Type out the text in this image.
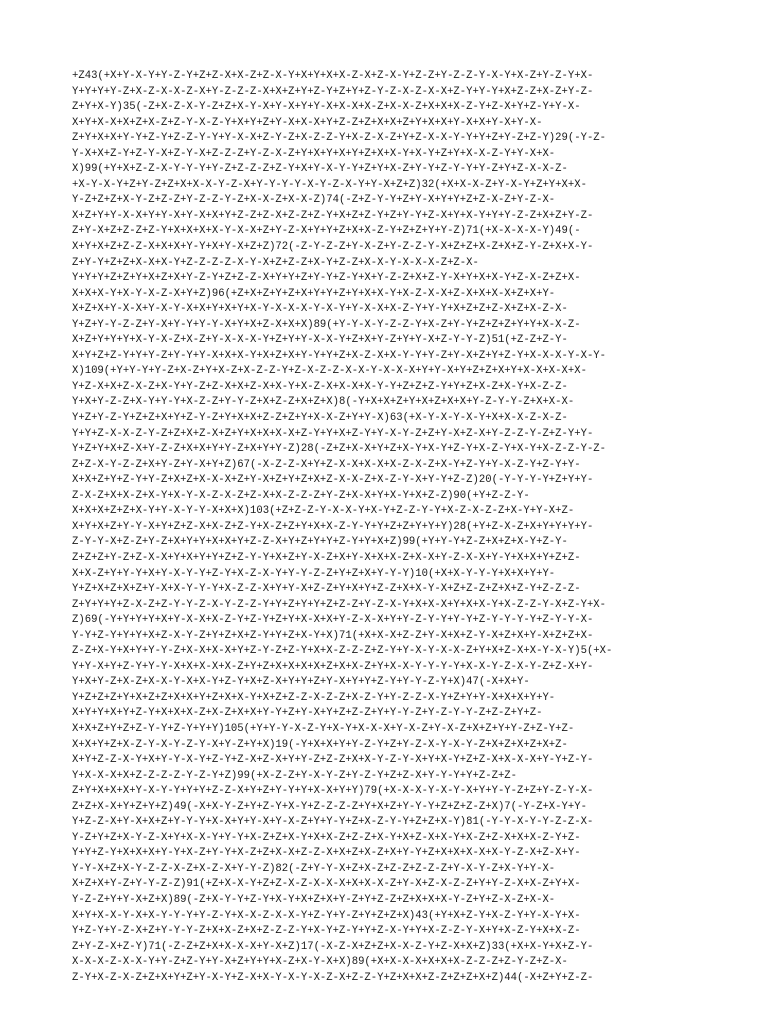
+Z43(+X+Y-X-Y+Y-Z-Y+Z+Z-X+X-Z+Z-X-Y+X+Y+X+X-Z-X+Z-X-Y+Z-Z+Y-Z-Z-Y-X-Y+X-Z+Y-Z-Y+X-
Y+Y+Y+Y-Z+X-Z-X-X-Z-X+Y-Z-Z-Z-X+X+Z+Y+Z-Y+Z+Y+Z-Y-Z-X-Z-X-X+Z-Y+Y-Y+X+Z-Z+X-Z+Y-Z-
Z+Y+X-Y)35(-Z+X-Z-X-Y-Z+Z+X-Y-X+Y-X+Y+Y-X+X-X+X-Z+X-X-Z+X+X+X-Z-Y+Z-X+Y+Z-Y+Y-X-
X+Y+X-X+X+Z+X-Z+Z-Y-X-Z-Y+X+Y+Z+Y-X+X-X+Y+Z-Z+Z+X+X+Z+Y+X+X+Y-X+X+Y-X+Y-X-
Z+Y+X+X+Y-Y+Z-Y+Z-Z-Y-Y+Y-X-X+Z-Y-Z+X-Z-Z-Y+X-Z-X-Z+Y+Z-X-X-Y-Y+Y+Z+Y-Z+Z-Y)29(-Y-Z-
Y-X+X+Z-Y+Z-Y-X+Z-Y-X+Z-Z-Z+Y-Z-X-Z+Y+X+Y+X+Y+Z+X+X-Y+X-Y+Z+Y+X-X-Z-Y+Y-X+X-
X)99(+Y+X+Z-Z-X-Y-Y-Y+Y-Z+Z-Z-Z+Z-Y+X+Y-X-Y-Y+Z+Y+X-Z+Y-Y+Z-Y-Y+Y-Z+Y+Z-X-X-Z-
+X-Y-X-Y+Z+Y-Z+Z+X+X-X-Y-Z-X+Y-Y-Y-Y-X-Y-Z-X-Y+Y-X+Z+Z)32(+X+X-X-Z+Y-X-Y+Z+Y+X+X-
Y-Z+Z+Z+X-Y-Z+Z-Z+Y-Z-Z-Y-Z+X-X-Z+X-X-Z)74(-Z+Z-Y-Y+Z+Y-X+Y+Y+Z+Z-X-Z+Y-Z-X-
X+Z+Y+Y-X-X+Y+Y-X+Y-X+X+Y+Z-Z+Z-X+Z-Z+Z-Y+X+Z+Z-Y+Z+Y-Y+Z-X+Y+X-Y+Y+Y-Z-Z+X+Z+Y-Z-
Z+Y-X+Z+Z-Z+Z-Y+X+X+X+X-Y-X-X+Z+Y-Z-X+Y+Y+Z+X+X-Z-Y+Z+Z+Y+Y-Z)71(+X-X-X-X-Y)49(-
X+Y+X+Z+Z-Z-X+X+X+Y-Y+X+Y-X+Z+Z)72(-Z-Y-Z-Z+Y-X-Z+Y-Z-Z-Y-X+Z+Z+X-Z+X+Z-Y-Z+X+X-Y-
Z+Y-Y+Z+Z+X-X+X-Y+Z-Z-Z-Z-X-Y-X+Z+Z-Z+X-Y+Z-Z+X-X-Y-X-X-X-Z+Z-X-
Y+Y+Y+Z+Z+Y+X+Z+X+Y-Z-Y+Z+Z-Z-X+Y+Y+Z+Y-Y+Z-Y+X+Y-Z-Z+X+Z-Y-X+Y+X+X-Y+Z-X-Z+Z+X-
X+X+X-Y+X-Y-X-Z-X+Y+Z)96(+Z+X+Z+Y+Z+X+Y+Y+Z+Y+X+X-Y+X-Z-X-X+Z-X+X+X-X+Z+X+Y-
X+Z+X+Y-X-X+Y-X-Y-X+X+Y+X+Y+X-Y-X-X-X-Y-X-Y+Y-X-X+X-Z-Y+Y-Y+X+Z+Z+Z-X+Z+X-Z-X-
Y+Z+Y-Y-Z-Z+Y-X+Y-Y+Y-Y-X+Y+X+Z-X+X+X)89(+Y-Y-X-Y-Z-Z-Y+X-Z+Y-Y+Z+Z+Z+Y+Y+X-X-Z-
X+Z+Y+Y+Y+X-Y-X-Z+X-Z+Y-X-X-X-Y+Z+Y+Y-X-X-Y+Z+X+Y-Z+Y+Y-X+Z-Y-Y-Z)51(+Z-Z+Z-Y-
X+Y+Z+Z-Y+Y+Y-Z+Y-Y+Y-X+X+X-Y+X+Z+X+Y-Y+Y+Z+X-Z-X+X-Y-Y+Y-Z+Y-X+Z+Y+Z-Y+X-X-X-Y-X-Y-
X)109(+Y+Y-Y+Y-Z+X-Z+Y+X-Z+X-Z-Z-Y+Z-X-Z-Z-X-X-Y-X-X-X+Y+Y-X+Y+Z+Z+X+Y+X-X+X-X+X-
Y+Z-X+X+Z-X-Z+X-Y+Y-Z+Z-X+X+Z-X+X-Y+X-Z-X+X-X+X-Y-Y+Z+Z+Z-Y+Y+Z+X-Z+X-Y+X-Z-Z-
Y+X+Y-Z-Z+X-Y+Y-Y+X-Z-Z+Y-Y-Z+X+Z-Z+X+Z+X)8(-Y+X+X+Z+Y+X+Z+X+X+Y-Z-Y-Y-Z+X+X-X-
Y+Z+Y-Z-Y+Z+Z+X+Y+Z-Y-Z+Y+X+X+Z-Z+Z+Y+X-X-Z+Y+Y-X)63(+X-Y-X-Y-X-Y+X+X-X-Z-X-Z-
Y+Y+Z-X-X-Z-Y-Z+Z+X+Z-X+Z+Y+X+X+X-X+Z-Y+Y+X+Z-Y+Y-X-Y-Z+Z+Y-X+Z-X+Y-Z-Z-Y-Z+Z-Y+Y-
Y+Z+Y+X+Z-X+Y-Z-Z+X+X+Y+Y-Z+X+Y+Y-Z)28(-Z+Z+X-X+Y+Z+X-Y+X-Y+Z-Y+X-Z-Y+X-Y+X-Z-Z-Y-Z-
Z+Z-X-Y-Z-Z+X+Y-Z+Y-X+Y+Z)67(-X-Z-Z-X+Y+Z-X-X+X-X+X-Z-X-Z+X-Y+Z-Y+Y-X-Z-Y+Z-Y+Y-
X+X+Z+Y+Z-Y+Y-Z+X+Z+X-X-X+Z+Y-X+Z+Y+Z+X+Z-X-X-Z+X-Z-Y-X+Y-Y+Z-Z)20(-Y-Y-Y-Y+Z+Y+Y-
Z-X-Z+X+X-Z+X-Y+X-Y-X-Z-X-Z+Z-X+X-Z-Z-Z+Y-Z+X-X+Y+X-Y+X+Z-Z)90(+Y+Z-Z-Y-
X+X+X+Z+Z+X-Y+Y-X-Y-Y-X+X+X)103(+Z+Z-Z-Y-X-X-Y+X-Y+Z-Z-Y-Y+X-Z-X-Z-Z+X-Y+Y-X+Z-
X+Y+X+Z+Y-Y-X+Y+Z+Z-X+X-Z+Z-Y+X-Z+Z+Y+X+X-Z-Y-Y+Y+Z+Z+Y+Y+Y)28(+Y+Z-X-Z+X+Y+Y+Y+Y-
Z-Y-Y-X+Z-Z+Y-Z+X+Y+Y+X+X+Y+Z-Z-X+Y+Z+Y+Y+Z-Y+Y+X+Z)99(+Y+Y-Y+Z-Z+X+Z+X-Y+Z-Y-
Z+Z+Z+Y-Z+Z-X-X+Y+X+Y+Y+Z+Z-Y-Y+X+Z+Y-X-Z+X+Y-X+X+X-Z+X-X+Y-Z-X-X+Y-Y+X+X+Y+Z+Z-
X+X-Z+Y+Y-Y+X+Y-X-Y-Y+Z-Y+X-Z-X-Y+Y-Y-Z-Z+Y+Z+X+Y-Y-Y)10(+X+X-Y-Y-Y+X+X+Y+Y-
Y+Z+X+Z+X+Z+Y-X+X-Y-Y-Y+X-Z-Z-X+Y+Y-X+Z-Z+Y+X+Y+Z-Z+X+X-Y-X+Z+Z-Z+Z+X+Z-Y+Z-Z-Z-
Z+Y+Y+Y+Z-X-Z+Z-Y-Y-Z-X-Y-Z-Z-Y+Y+Z+Y+Y+Z+Z-Z+Y-Z-X-Y+X+X-X+Y+X+X-Y+X-Z-Z-Y-X+Z-Y+X-
Z)69(-Y+Y+Y+Y+X+Y-X-X+X-Z-Y+Z-Y+Z+Y+X-X+X+Y-Z-X-X+Y+Y-Z-Y-Y+Y-Y+Z-Y-Y-Y-Y+Z-Y-Y-X-
Y-Y+Z-Y+Y+Y+X+Z-X-Y-Z+Y+Z+X+Z-Y+Y+Z+X-Y+X)71(+X+X-X+Z-Z+Y-X+X+Z-Y-X+Z+X+Y-X+Z+Z+X-
Z-Z+X-Y+X+Y+Y-Y-Z+X-X+X-X+Y+Z-Y-Z+Z-Y+X+X-Z-Z-Z+Z-Y+Y-X-Y-X-X-Z+Y+X+Z-X+X-Y-X-Y)5(+X-
Y+Y-X+Y+Z-Y+Y-Y-X+X+X-X+X-Z+Y+Z+X+X+X+X+Z+X+X-Z+Y+X-X-Y-Y-Y-Y+X-X-Y-Z-X-Y-Z+Z-X+Y-
Y+X+Y-Z+X-Z+X-X-Y-X+X-Y+Z-Y+X+Z-X+Y+Y+Z+Y-X+Y+Y+Z-Y+Y-Y-Z-Y+X)47(-X+X+Y-
Y+Z+Z+Z+Y+X+Z+Z+X+X+Y+Z+X+X-Y+X+Z+Z-Z-X-Z-Z+X-Z-Y+Y-Z-Z-X-Y+Z+Y+Y-X+X+X+Y+Y-
X+Y+Y+X+Y+Z-Y+X+X+X-Z+X-Z+X+X+Y-Y+Z+Y-X+Y+Z+Z-Z+Y+Y-Y-Z+Y-Z-Y-Y-Z+Z-Z+Y+Z-
X+X+Z+Y+Z+Z-Y-Y+Z-Y+Y+Y)105(+Y+Y-Y-X-Z-Y+X-Y+X-X-X+Y-X-Z+Y-X-Z+X+Z+Y+Y-Z+Z-Y+Z-
X+X+Y+Z+X-Z-Y-X-Y-Z-Y-X+Y-Z+Y+X)19(-Y+X+X+Y+Y-Z-Y+Z+Y-Z-X-Y-X-Y-Z+X+Z+X+Z+X+Z-
X+Y+Z-Z-X-Y+X+Y-Y-X-Y+Z-Y+Z-X+Z-X+Y+Y-Z+Z-Z+X+X-Y-Z-Y-X+Y+X-Y+Z+Z-X+X-X-X+Y-Y+Z-Y-
Y+X-X-X+X+Z-Z-Z-Z-Y-Z-Y+Z)99(+X-Z-Z+Y-X-Y-Z+Y-Z-Y+Z+Z-X+Y-Y-Y+Y+Z-Z+Z-
Z+Y+X+X+X+Y-X-Y-Y+Y+Y+Z-Z-X+Y+Z+Y-Y+Y+X-X+Y+Y)79(+X-X-X-Y-X-Y-X+Y+Y-Y-Z+Z+Y-Z-Y-X-
Z+Z+X-X+Y+Z+Y+Z)49(-X+X-Y-Z+Y+Z-Y+X-Y+Z-Z-Z-Z+Y+X+Z+Y-Y-Y+Z+Z+Z-Z+X)7(-Y-Z+X-Y+Y-
Y+Z-Z-X+Y-X+X+Z+Y-Y-Y+X-X+Y+Y-X+Y-X-Z+Y+Y-Y+Z+X-Z-Y-Y+Z+Z+X-Y)81(-Y-Y-X-Y-Y-Z-Z-X-
Y-Z+Y+Z+X-Y-Z-X+Y+X-X-Y+Y-Y+X-Z+Z+X-Y+X+X-Z+Z-Z+X-Y+X+Z-X+X-Y+X-Z+Z-X+X+X-Z-Y+Z-
Y+Y+Z-Y+X+X+X+Y-Y+X-Z+Y-Y+X-Z+Z+X-X+Z-Z-X+X+Z+X-Z+X+Y-Y+Z+X+X+X-X+X-Y-Z-X+Z-X+Y-
Y-Y-X+Z+X-Y-Z-Z-X-Z+X-Z-X+Y-Y-Z)82(-Z+Y-Y-X+Z+X-Z+Z-Z+Z-Z-Z+Y-X-Y-Z+X-Y+Y-X-
X+Z+X+Y-Z+Y-Y-Z-Z)91(+Z+X-X-Y+Z+Z-X-Z-X-X-X+X+X-X-Z+Y-X+Z-X-Z-Z+Y+Y-Z-X+X-Z+Y+X-
Y-Z-Z+Y+Y-X+Z+X)89(-Z+X-Y-Y+Z-Y+X-Y+X+Z+X+Y-Z+Y+Z-Z+Z+X+X+X-Y-Z+Y+Z-X-Z+X-X-
X+Y+X-X-Y-X+X-Y-Y-Y+Y-Z-Y+X-X-Z-X-X-Y+Z-Y+Y-Z+Y+Z+Z+X)43(+Y+X+Z-Y+X-Z-Y+Y-X-Y+X-
Y+Z-Y+Y-Z-X+Z+Y-Y-Y-Z+X+X-Z+X+Z-Z-Z-Y+X-Y+Z-Y+Y+Z-X-Y+Y+X-Z-Z-Y-X+Y+X-Z-Y+X+X-Z-
Z+Y-Z-X+Z-Y)71(-Z-Z+Z+X+X-X-X+Y-X+Z)17(-X-Z-X+Z+Z+X-X-Z-Y+Z-X+X+Z)33(+X+X-Y+X+Z-Y-
X-X-X-Z-X-X-Y+Y-Z+Z-Y+Y-X+Z+Y+Y+X-Z+X-Y-X+X)89(+X+X-X-X+X+X+X-Z-Z-Z+Z-Y-Z+Z-X-
Z-Y+X-Z-X-Z+Z+X+Y+Z+Y-X-Y+Z-X+X-Y-X-Y-X-Z-X+Z-Z-Y+Z+X+X+Z-Z+Z+Z+X+Z)44(-X+Z+Y+Z-Z-
